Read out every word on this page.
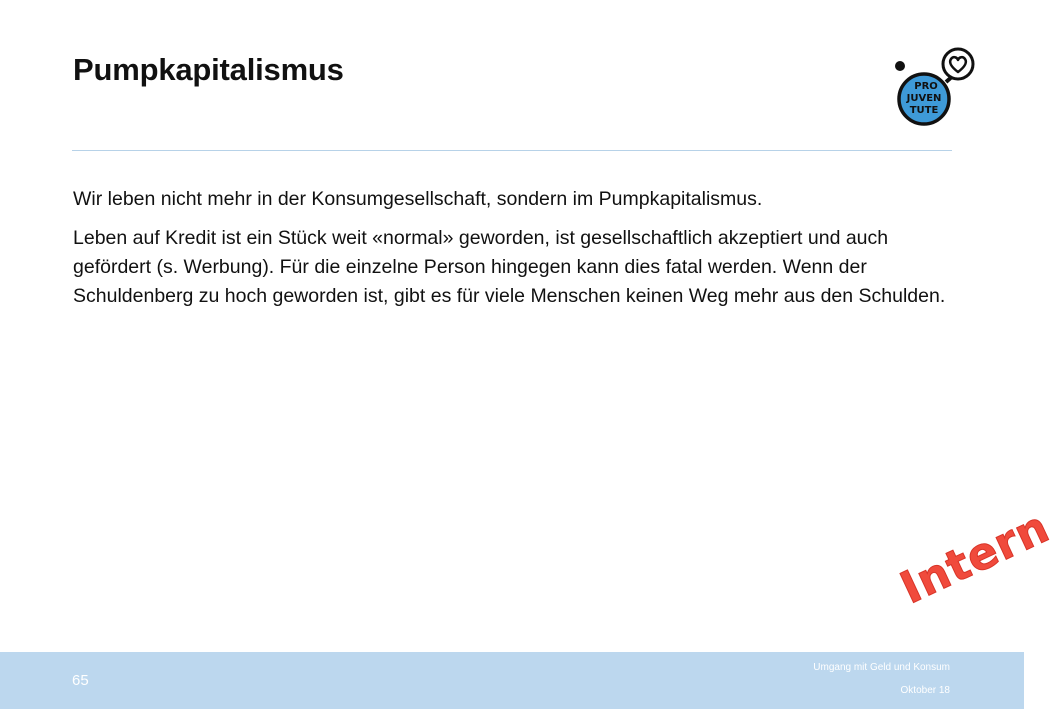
Pumpkapitalismus	PRO
JUVEN
TUTE

Wir leben nicht mehr in der Konsumgesellschaft, sondern im Pumpkapitalismus.

Leben auf Kredit ist ein Stück weit «normal» geworden, ist gesellschaftlich akzeptiert und auch gefördert (s. Werbung). Für die einzelne Person hingegen kann dies fatal werden. Wenn der Schuldenberg zu hoch geworden ist, gibt es für viele Menschen keinen Weg mehr aus den Schulden.

Intern
65
Umgang mit Geld und Konsum
Oktober 18
